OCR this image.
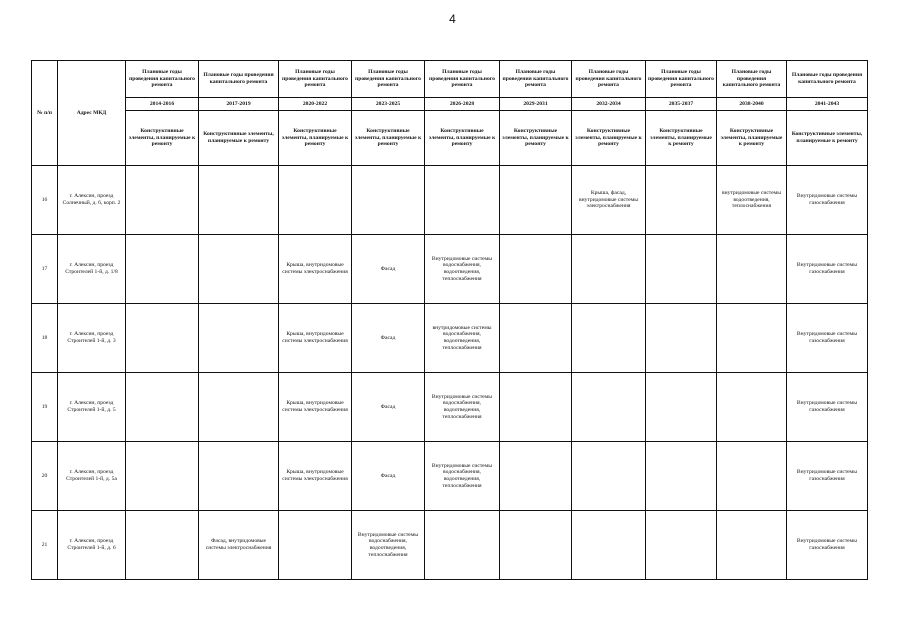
4
№ п/п	Адрес МКД	Плановые годы проведения капитального ремонта	Плановые годы проведения капитального ремонта	Плановые годы проведения капитального ремонта	Плановые годы проведения капитального ремонта	Плановые годы проведения капитального ремонта	Плановые годы проведения капитального ремонта	Плановые годы проведения капитального ремонта	Плановые годы проведения капитального ремонта	Плановые годы проведения капитального ремонта	Плановые годы проведения капитального ремонта
		2014-2016	2017-2019	2020-2022	2023-2025	2026-2028	2029-2031	2032-2034	2035-2037	2038-2040	2041-2043
		Конструктивные элементы, планируемые к ремонту	Конструктивные элементы, планируемые к ремонту	Конструктивные элементы, планируемые к ремонту	Конструктивные элементы, планируемые к ремонту	Конструктивные элементы, планируемые к ремонту	Конструктивные элементы, планируемые к ремонту	Конструктивные элементы, планируемые к ремонту	Конструктивные элементы, планируемые к ремонту	Конструктивные элементы, планируемые к ремонту	Конструктивные элементы, планируемые к ремонту
16	г. Алексин, проезд Солнечный, д. 6, корп. 2							Крыша, фасад, внутридомовые системы электроснабжения		внутридомовые системы водоотведения, теплоснабжения	Внутридомовые системы газоснабжения
17	г. Алексин, проезд Строителей 1-й, д. 1/8			Крыша, внутридомовые системы электроснабжения	Фасад	Внутридомовые системы водоснабжения, водоотведения, теплоснабжения					Внутридомовые системы газоснабжения
18	г. Алексин, проезд Строителей 1-й, д. 3			Крыша, внутридомовые системы электроснабжения	Фасад	внутридомовые системы водоснабжения, водоотведения, теплоснабжения					Внутридомовые системы газоснабжения
19	г. Алексин, проезд Строителей 1-й, д. 5			Крыша, внутридомовые системы электроснабжения	Фасад	Внутридомовые системы водоснабжения, водоотведения, теплоснабжения					Внутридомовые системы газоснабжения
20	г. Алексин, проезд Строителей 1-й, д. 5а			Крыша, внутридомовые системы электроснабжения	Фасад	Внутридомовые системы водоснабжения, водоотведения, теплоснабжения					Внутридомовые системы газоснабжения
21	г. Алексин, проезд Строителей 1-й, д. 6		Фасад, внутридомовые системы электроснабжения		Внутридомовые системы водоснабжения, водоотведения, теплоснабжения						Внутридомовые системы газоснабжения
